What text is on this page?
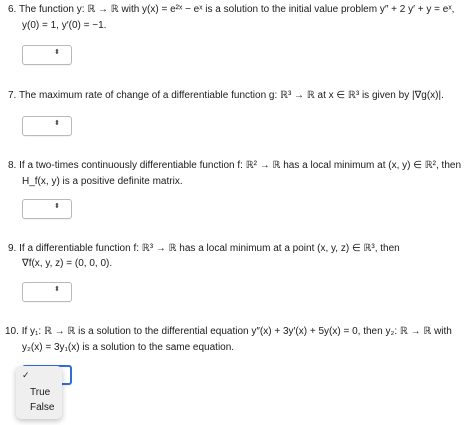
6. The function y: ℝ → ℝ with y(x) = e²ˣ − eˣ is a solution to the initial value problem y″ + 2 y′ + y = eˣ,
y(0) = 1, y′(0) = −1.
⬍
7. The maximum rate of change of a differentiable function g: ℝ³ → ℝ at x ∈ ℝ³ is given by |∇g(x)|.
⬍
8. If a two-times continuously differentiable function f: ℝ² → ℝ has a local minimum at (x, y) ∈ ℝ², then
H_f(x, y) is a positive definite matrix.
⬍
9. If a differentiable function f: ℝ³ → ℝ has a local minimum at a point (x, y, z) ∈ ℝ³, then
∇f(x, y, z) = (0, 0, 0).
⬍
10. If y₁: ℝ → ℝ is a solution to the differential equation y″(x) + 3y′(x) + 5y(x) = 0, then y₂: ℝ → ℝ with
y₂(x) = 3y₁(x) is a solution to the same equation.
✓
True
False
